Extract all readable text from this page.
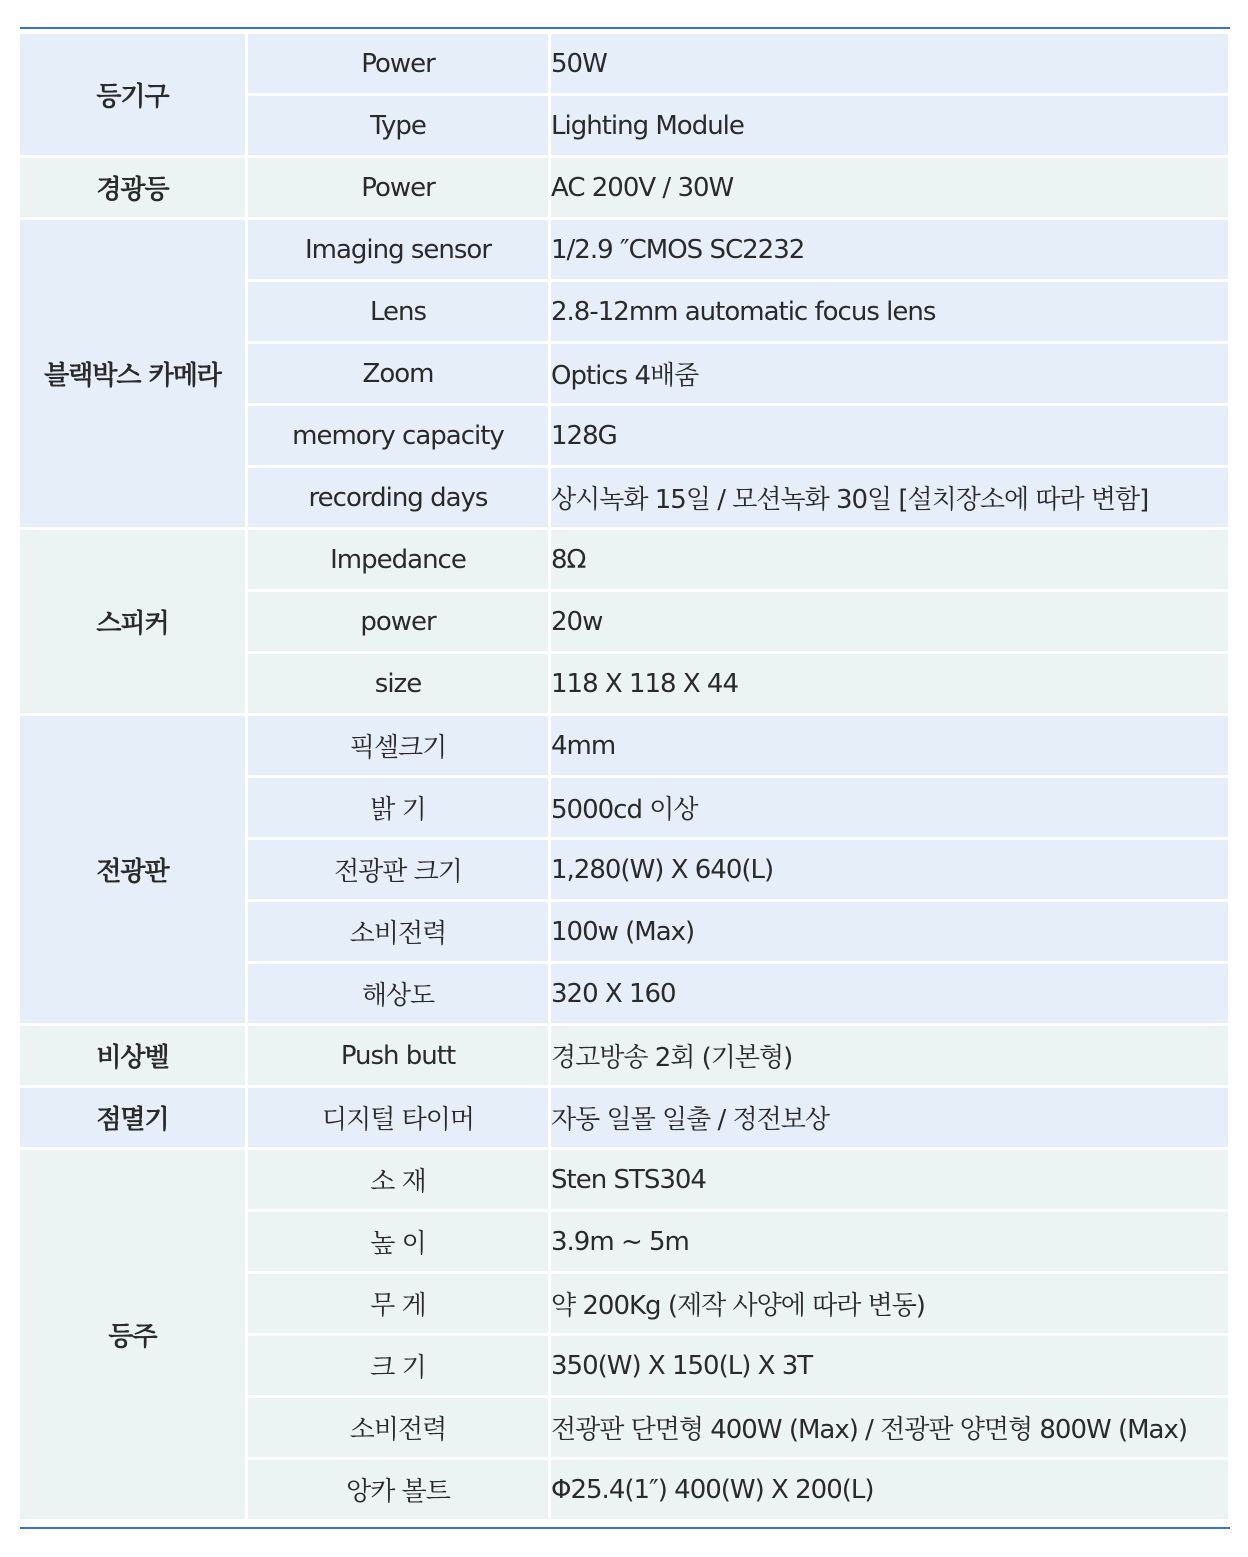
등기구	Power	50W
	Type	Lighting Module
경광등	Power	AC 200V / 30W
블랙박스 카메라	Imaging sensor	1/2.9 ″CMOS SC2232
	Lens	2.8-12mm automatic focus lens
	Zoom	Optics 4배줌
	memory capacity	128G
	recording days	상시녹화 15일 / 모션녹화 30일 [설치장소에 따라 변함]
스피커	Impedance	8Ω
	power	20w
	size	118 X 118 X 44
전광판	픽셀크기	4mm
	밝 기	5000cd 이상
	전광판 크기	1,280(W) X 640(L)
	소비전력	100w (Max)
	해상도	320 X 160
비상벨	Push butt	경고방송 2회 (기본형)
점멸기	디지털 타이머	자동 일몰 일출 / 정전보상
등주	소 재	Sten STS304
	높 이	3.9m ~ 5m
	무 게	약 200Kg (제작 사양에 따라 변동)
	크 기	350(W) X 150(L) X 3T
	소비전력	전광판 단면형 400W (Max) / 전광판 양면형 800W (Max)
	앙카 볼트	Φ25.4(1″) 400(W) X 200(L)
